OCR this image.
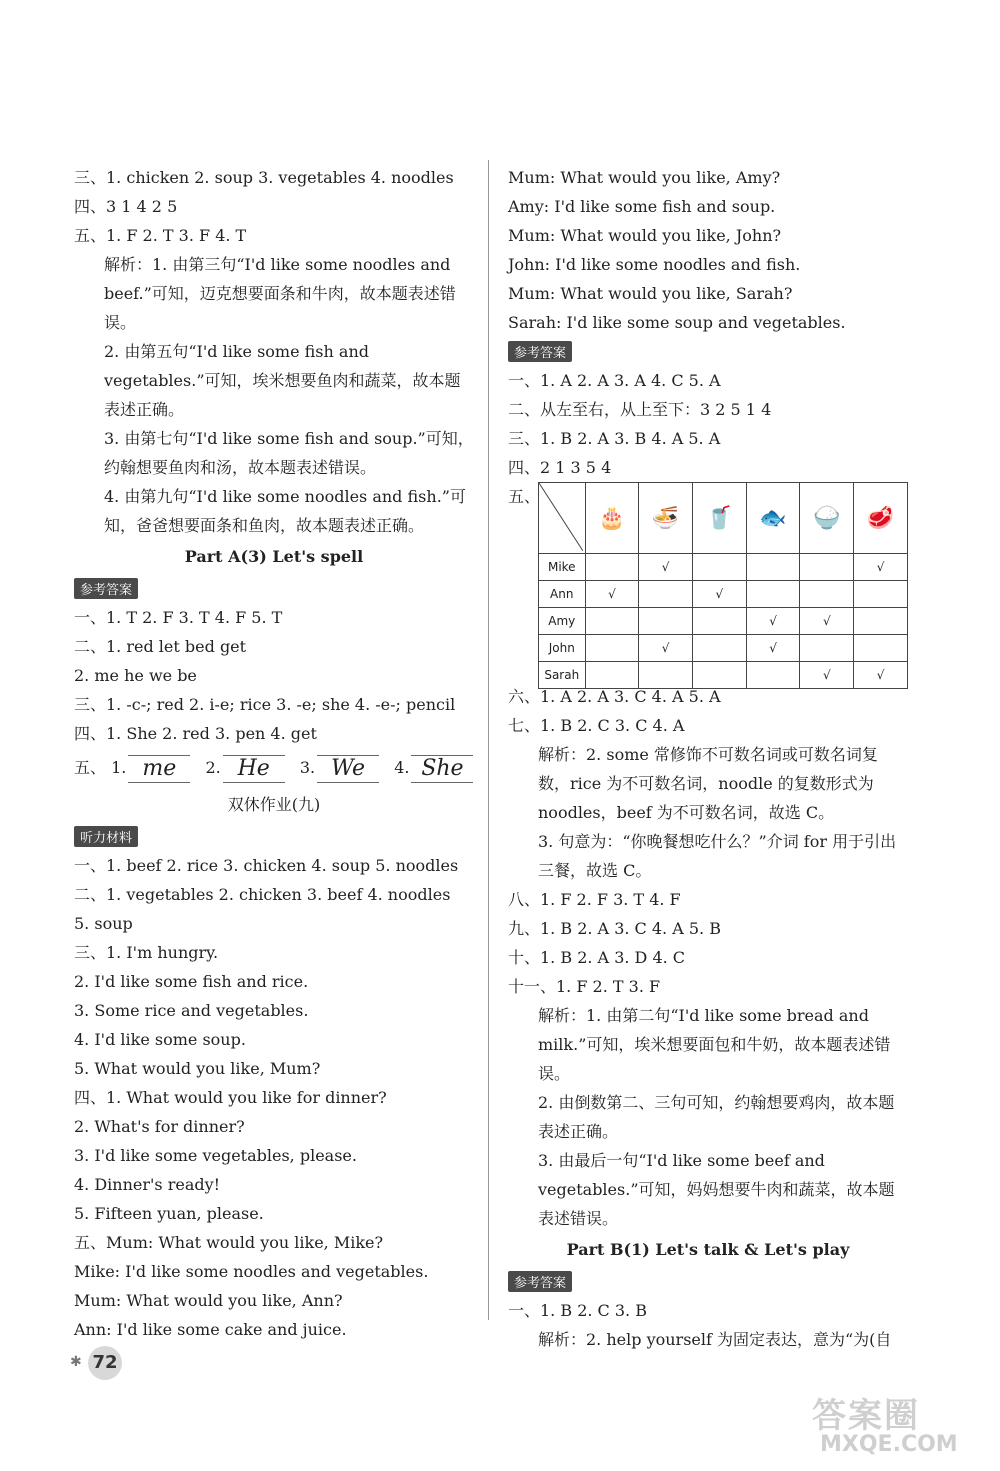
三、1. chicken 2. soup 3. vegetables 4. noodles
四、3 1 4 2 5
五、1. F 2. T 3. F 4. T
解析：1. 由第三句“I'd like some noodles and beef.”可知，迈克想要面条和牛肉，故本题表述错误。
2. 由第五句“I'd like some fish and vegetables.”可知，埃米想要鱼肉和蔬菜，故本题表述正确。
3. 由第七句“I'd like some fish and soup.”可知，约翰想要鱼肉和汤，故本题表述错误。
4. 由第九句“I'd like some noodles and fish.”可知，爸爸想要面条和鱼肉，故本题表述正确。
Part A(3) Let's spell
参考答案
一、1. T 2. F 3. T 4. F 5. T
二、1. red let bed get
2. me he we be
三、1. -c-; red 2. i-e; rice 3. -e; she 4. -e-; pencil
四、1. She 2. red 3. pen 4. get
五、 1. me 2. He 3. We 4. She
双休作业(九)
听力材料
一、1. beef 2. rice 3. chicken 4. soup 5. noodles
二、1. vegetables 2. chicken 3. beef 4. noodles
5. soup
三、1. I'm hungry.
2. I'd like some fish and rice.
3. Some rice and vegetables.
4. I'd like some soup.
5. What would you like, Mum?
四、1. What would you like for dinner?
2. What's for dinner?
3. I'd like some vegetables, please.
4. Dinner's ready!
5. Fifteen yuan, please.
五、Mum: What would you like, Mike?
Mike: I'd like some noodles and vegetables.
Mum: What would you like, Ann?
Ann: I'd like some cake and juice.
Mum: What would you like, Amy?
Amy: I'd like some fish and soup.
Mum: What would you like, John?
John: I'd like some noodles and fish.
Mum: What would you like, Sarah?
Sarah: I'd like some soup and vegetables.
参考答案
一、1. A 2. A 3. A 4. C 5. A
二、从左至右，从上至下：3 2 5 1 4
三、1. B 2. A 3. B 4. A 5. A
四、2 1 3 5 4
五、
	🎂	🍜	🥤	🐟	🍚	🥩
Mike		√				√
Ann	√		√			
Amy				√	√	
John		√		√		
Sarah					√	√
六、1. A 2. A 3. C 4. A 5. A
七、1. B 2. C 3. C 4. A
解析：2. some 常修饰不可数名词或可数名词复数，rice 为不可数名词，noodle 的复数形式为 noodles，beef 为不可数名词，故选 C。
3. 句意为：“你晚餐想吃什么？”介词 for 用于引出三餐，故选 C。
八、1. F 2. F 3. T 4. F
九、1. B 2. A 3. C 4. A 5. B
十、1. B 2. A 3. D 4. C
十一、1. F 2. T 3. F
解析：1. 由第二句“I'd like some bread and milk.”可知，埃米想要面包和牛奶，故本题表述错误。
2. 由倒数第二、三句可知，约翰想要鸡肉，故本题表述正确。
3. 由最后一句“I'd like some beef and vegetables.”可知，妈妈想要牛肉和蔬菜，故本题表述错误。
Part B(1) Let's talk & Let's play
参考答案
一、1. B 2. C 3. B
解析：2. help yourself 为固定表达，意为“为(自
✱ 72
答案圈
MXQE.COM
